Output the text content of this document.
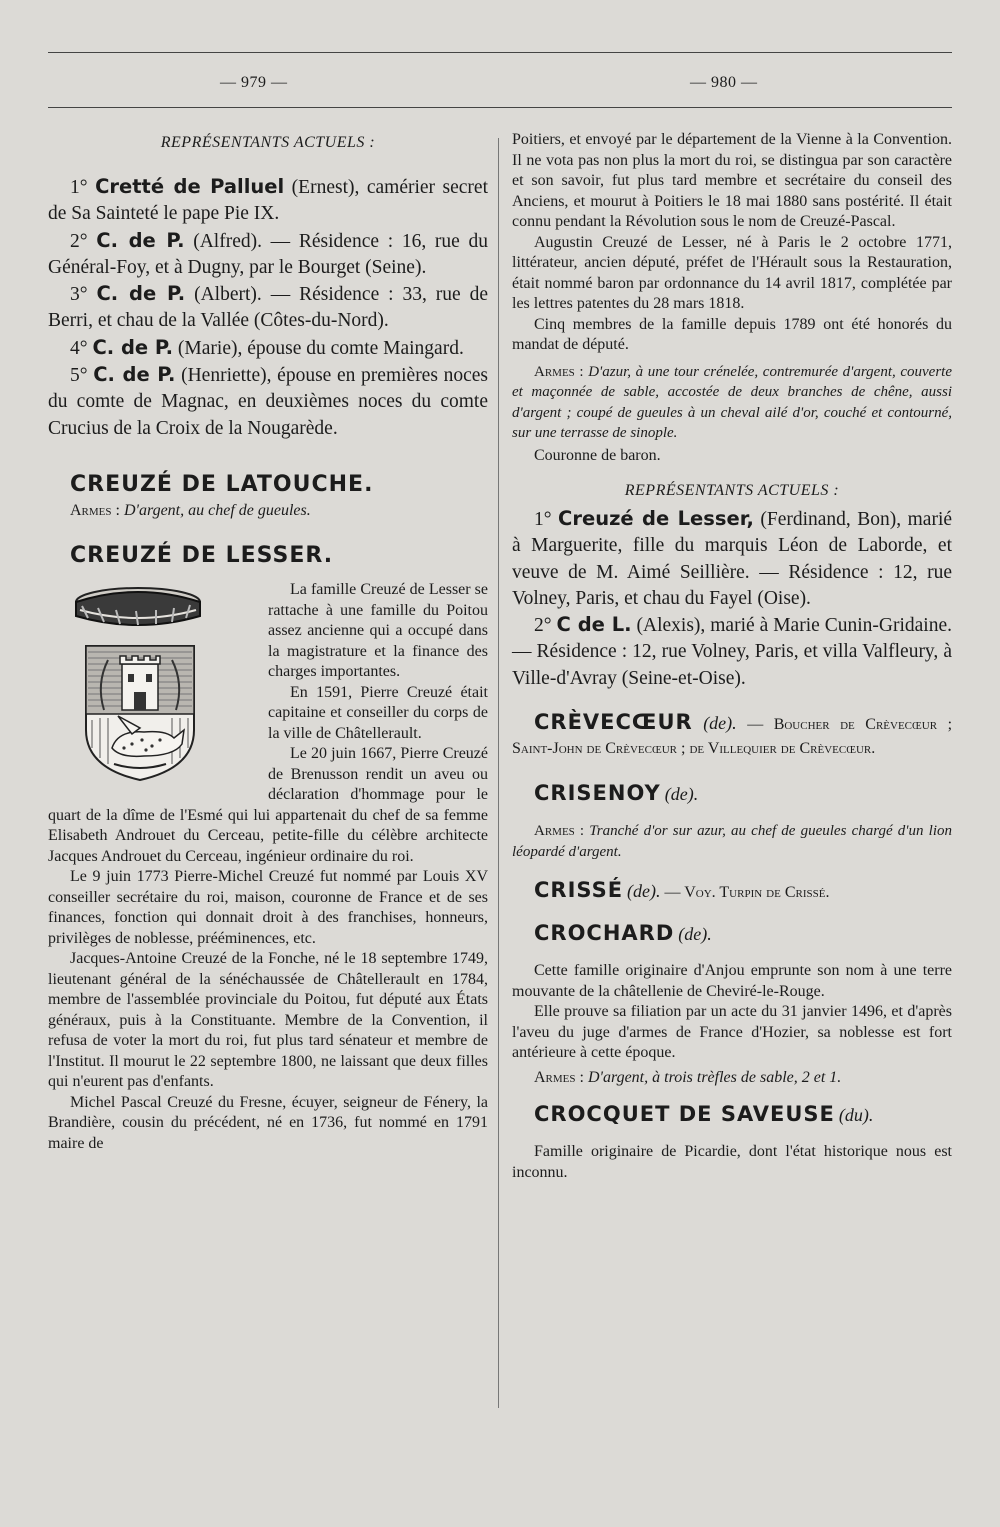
— 979 —	— 980 —

REPRÉSENTANTS ACTUELS :

1° Cretté de Palluel (Ernest), camérier secret de Sa Sainteté le pape Pie IX.

2° C. de P. (Alfred). — Résidence : 16, rue du Général-Foy, et à Dugny, par le Bourget (Seine).

3° C. de P. (Albert). — Résidence : 33, rue de Berri, et chau de la Vallée (Côtes-du-Nord).

4° C. de P. (Marie), épouse du comte Maingard.

5° C. de P. (Henriette), épouse en premières noces du comte de Magnac, en deuxièmes noces du comte Crucius de la Croix de la Nougarède.

CREUZÉ DE LATOUCHE.

Armes : D'argent, au chef de gueules.

CREUZÉ DE LESSER.

La famille Creuzé de Lesser se rattache à une famille du Poitou assez ancienne qui a occupé dans la magistrature et la finance des charges importantes.

En 1591, Pierre Creuzé était capitaine et conseiller du corps de la ville de Châtellerault.

Le 20 juin 1667, Pierre Creuzé de Brenusson rendit un aveu ou déclaration d'hommage pour le quart de la dîme de l'Esmé qui lui appartenait du chef de sa femme Elisabeth Androuet du Cerceau, petite-fille du célèbre architecte Jacques Androuet du Cerceau, ingénieur ordinaire du roi.

Le 9 juin 1773 Pierre-Michel Creuzé fut nommé par Louis XV conseiller secrétaire du roi, maison, couronne de France et de ses finances, fonction qui donnait droit à des franchises, honneurs, privilèges de noblesse, prééminences, etc.

Jacques-Antoine Creuzé de la Fonche, né le 18 septembre 1749, lieutenant général de la sénéchaussée de Châtellerault en 1784, membre de l'assemblée provinciale du Poitou, fut député aux États généraux, puis à la Constituante. Membre de la Convention, il refusa de voter la mort du roi, fut plus tard sénateur et membre de l'Institut. Il mourut le 22 septembre 1800, ne laissant que deux filles qui n'eurent pas d'enfants.

Michel Pascal Creuzé du Fresne, écuyer, seigneur de Fénery, la Brandière, cousin du précédent, né en 1736, fut nommé en 1791 maire de

Poitiers, et envoyé par le département de la Vienne à la Convention. Il ne vota pas non plus la mort du roi, se distingua par son caractère et son savoir, fut plus tard membre et secrétaire du conseil des Anciens, et mourut à Poitiers le 18 mai 1880 sans postérité. Il était connu pendant la Révolution sous le nom de Creuzé-Pascal.

Augustin Creuzé de Lesser, né à Paris le 2 octobre 1771, littérateur, ancien député, préfet de l'Hérault sous la Restauration, était nommé baron par ordonnance du 14 avril 1817, complétée par les lettres patentes du 28 mars 1818.

Cinq membres de la famille depuis 1789 ont été honorés du mandat de député.

Armes : D'azur, à une tour crénelée, contremurée d'argent, couverte et maçonnée de sable, accostée de deux branches de chêne, aussi d'argent ; coupé de gueules à un cheval ailé d'or, couché et contourné, sur une terrasse de sinople.

Couronne de baron.

REPRÉSENTANTS ACTUELS :

1° Creuzé de Lesser, (Ferdinand, Bon), marié à Marguerite, fille du marquis Léon de Laborde, et veuve de M. Aimé Seillière. — Résidence : 12, rue Volney, Paris, et chau du Fayel (Oise).

2° C de L. (Alexis), marié à Marie Cunin-Gridaine. — Résidence : 12, rue Volney, Paris, et villa Valfleury, à Ville-d'Avray (Seine-et-Oise).

CRÈVECŒUR (de). — Boucher de Crèvecœur ; Saint-John de Crèvecœur ; de Villequier de Crèvecœur.

CRISENOY (de).

Armes : Tranché d'or sur azur, au chef de gueules chargé d'un lion léopardé d'argent.

CRISSÉ (de). — Voy. Turpin de Crissé.

CROCHARD (de).

Cette famille originaire d'Anjou emprunte son nom à une terre mouvante de la châtellenie de Cheviré-le-Rouge.

Elle prouve sa filiation par un acte du 31 janvier 1496, et d'après l'aveu du juge d'armes de France d'Hozier, sa noblesse est fort antérieure à cette époque.

Armes : D'argent, à trois trèfles de sable, 2 et 1.

CROCQUET DE SAVEUSE (du).

Famille originaire de Picardie, dont l'état historique nous est inconnu.
